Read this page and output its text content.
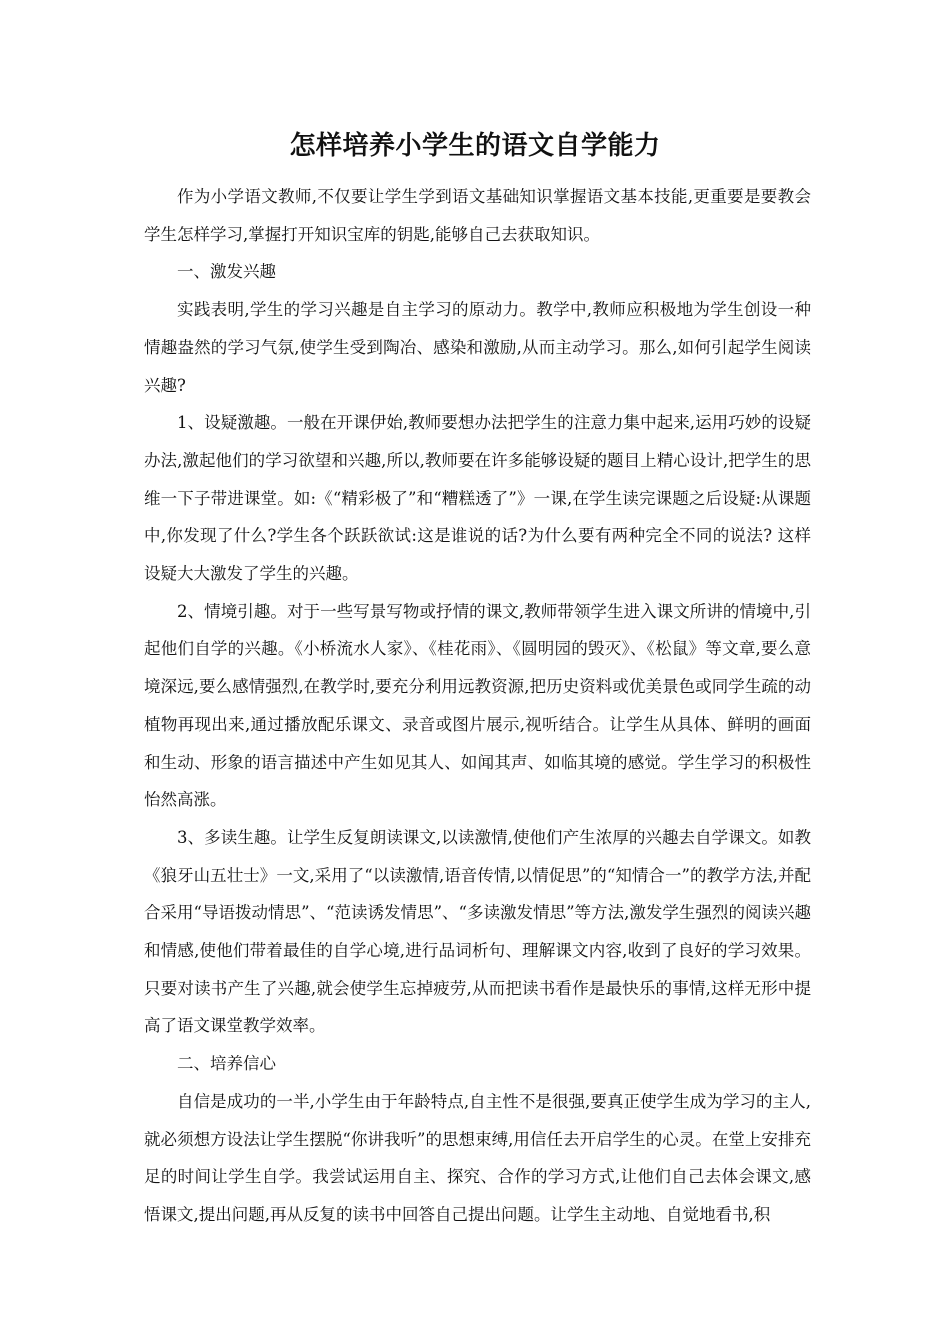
怎样培养小学生的语文自学能力

作为小学语文教师,不仅要让学生学到语文基础知识掌握语文基本技能,更重要是要教会学生怎样学习,掌握打开知识宝库的钥匙,能够自己去获取知识。

一、激发兴趣

实践表明,学生的学习兴趣是自主学习的原动力。教学中,教师应积极地为学生创设一种情趣盎然的学习气氛,使学生受到陶冶、感染和激励,从而主动学习。那么,如何引起学生阅读兴趣?

1、设疑激趣。一般在开课伊始,教师要想办法把学生的注意力集中起来,运用巧妙的设疑办法,激起他们的学习欲望和兴趣,所以,教师要在许多能够设疑的题目上精心设计,把学生的思维一下子带进课堂。如:《“精彩极了”和“糟糕透了”》一课,在学生读完课题之后设疑:从课题中,你发现了什么?学生各个跃跃欲试:这是谁说的话?为什么要有两种完全不同的说法? 这样设疑大大激发了学生的兴趣。

2、情境引趣。对于一些写景写物或抒情的课文,教师带领学生进入课文所讲的情境中,引起他们自学的兴趣。《小桥流水人家》、《桂花雨》、《圆明园的毁灭》、《松鼠》等文章,要么意境深远,要么感情强烈,在教学时,要充分利用远教资源,把历史资料或优美景色或同学生疏的动植物再现出来,通过播放配乐课文、录音或图片展示,视听结合。让学生从具体、鲜明的画面和生动、形象的语言描述中产生如见其人、如闻其声、如临其境的感觉。学生学习的积极性怡然高涨。

3、多读生趣。让学生反复朗读课文,以读激情,使他们产生浓厚的兴趣去自学课文。如教《狼牙山五壮士》一文,采用了“以读激情,语音传情,以情促思”的“知情合一”的教学方法,并配合采用“导语拨动情思”、“范读诱发情思”、“多读激发情思”等方法,激发学生强烈的阅读兴趣和情感,使他们带着最佳的自学心境,进行品词析句、理解课文内容,收到了良好的学习效果。只要对读书产生了兴趣,就会使学生忘掉疲劳,从而把读书看作是最快乐的事情,这样无形中提高了语文课堂教学效率。

二、培养信心

自信是成功的一半,小学生由于年龄特点,自主性不是很强,要真正使学生成为学习的主人,就必须想方设法让学生摆脱“你讲我听”的思想束缚,用信任去开启学生的心灵。在堂上安排充足的时间让学生自学。我尝试运用自主、探究、合作的学习方式,让他们自己去体会课文,感悟课文,提出问题,再从反复的读书中回答自己提出问题。让学生主动地、自觉地看书,积
